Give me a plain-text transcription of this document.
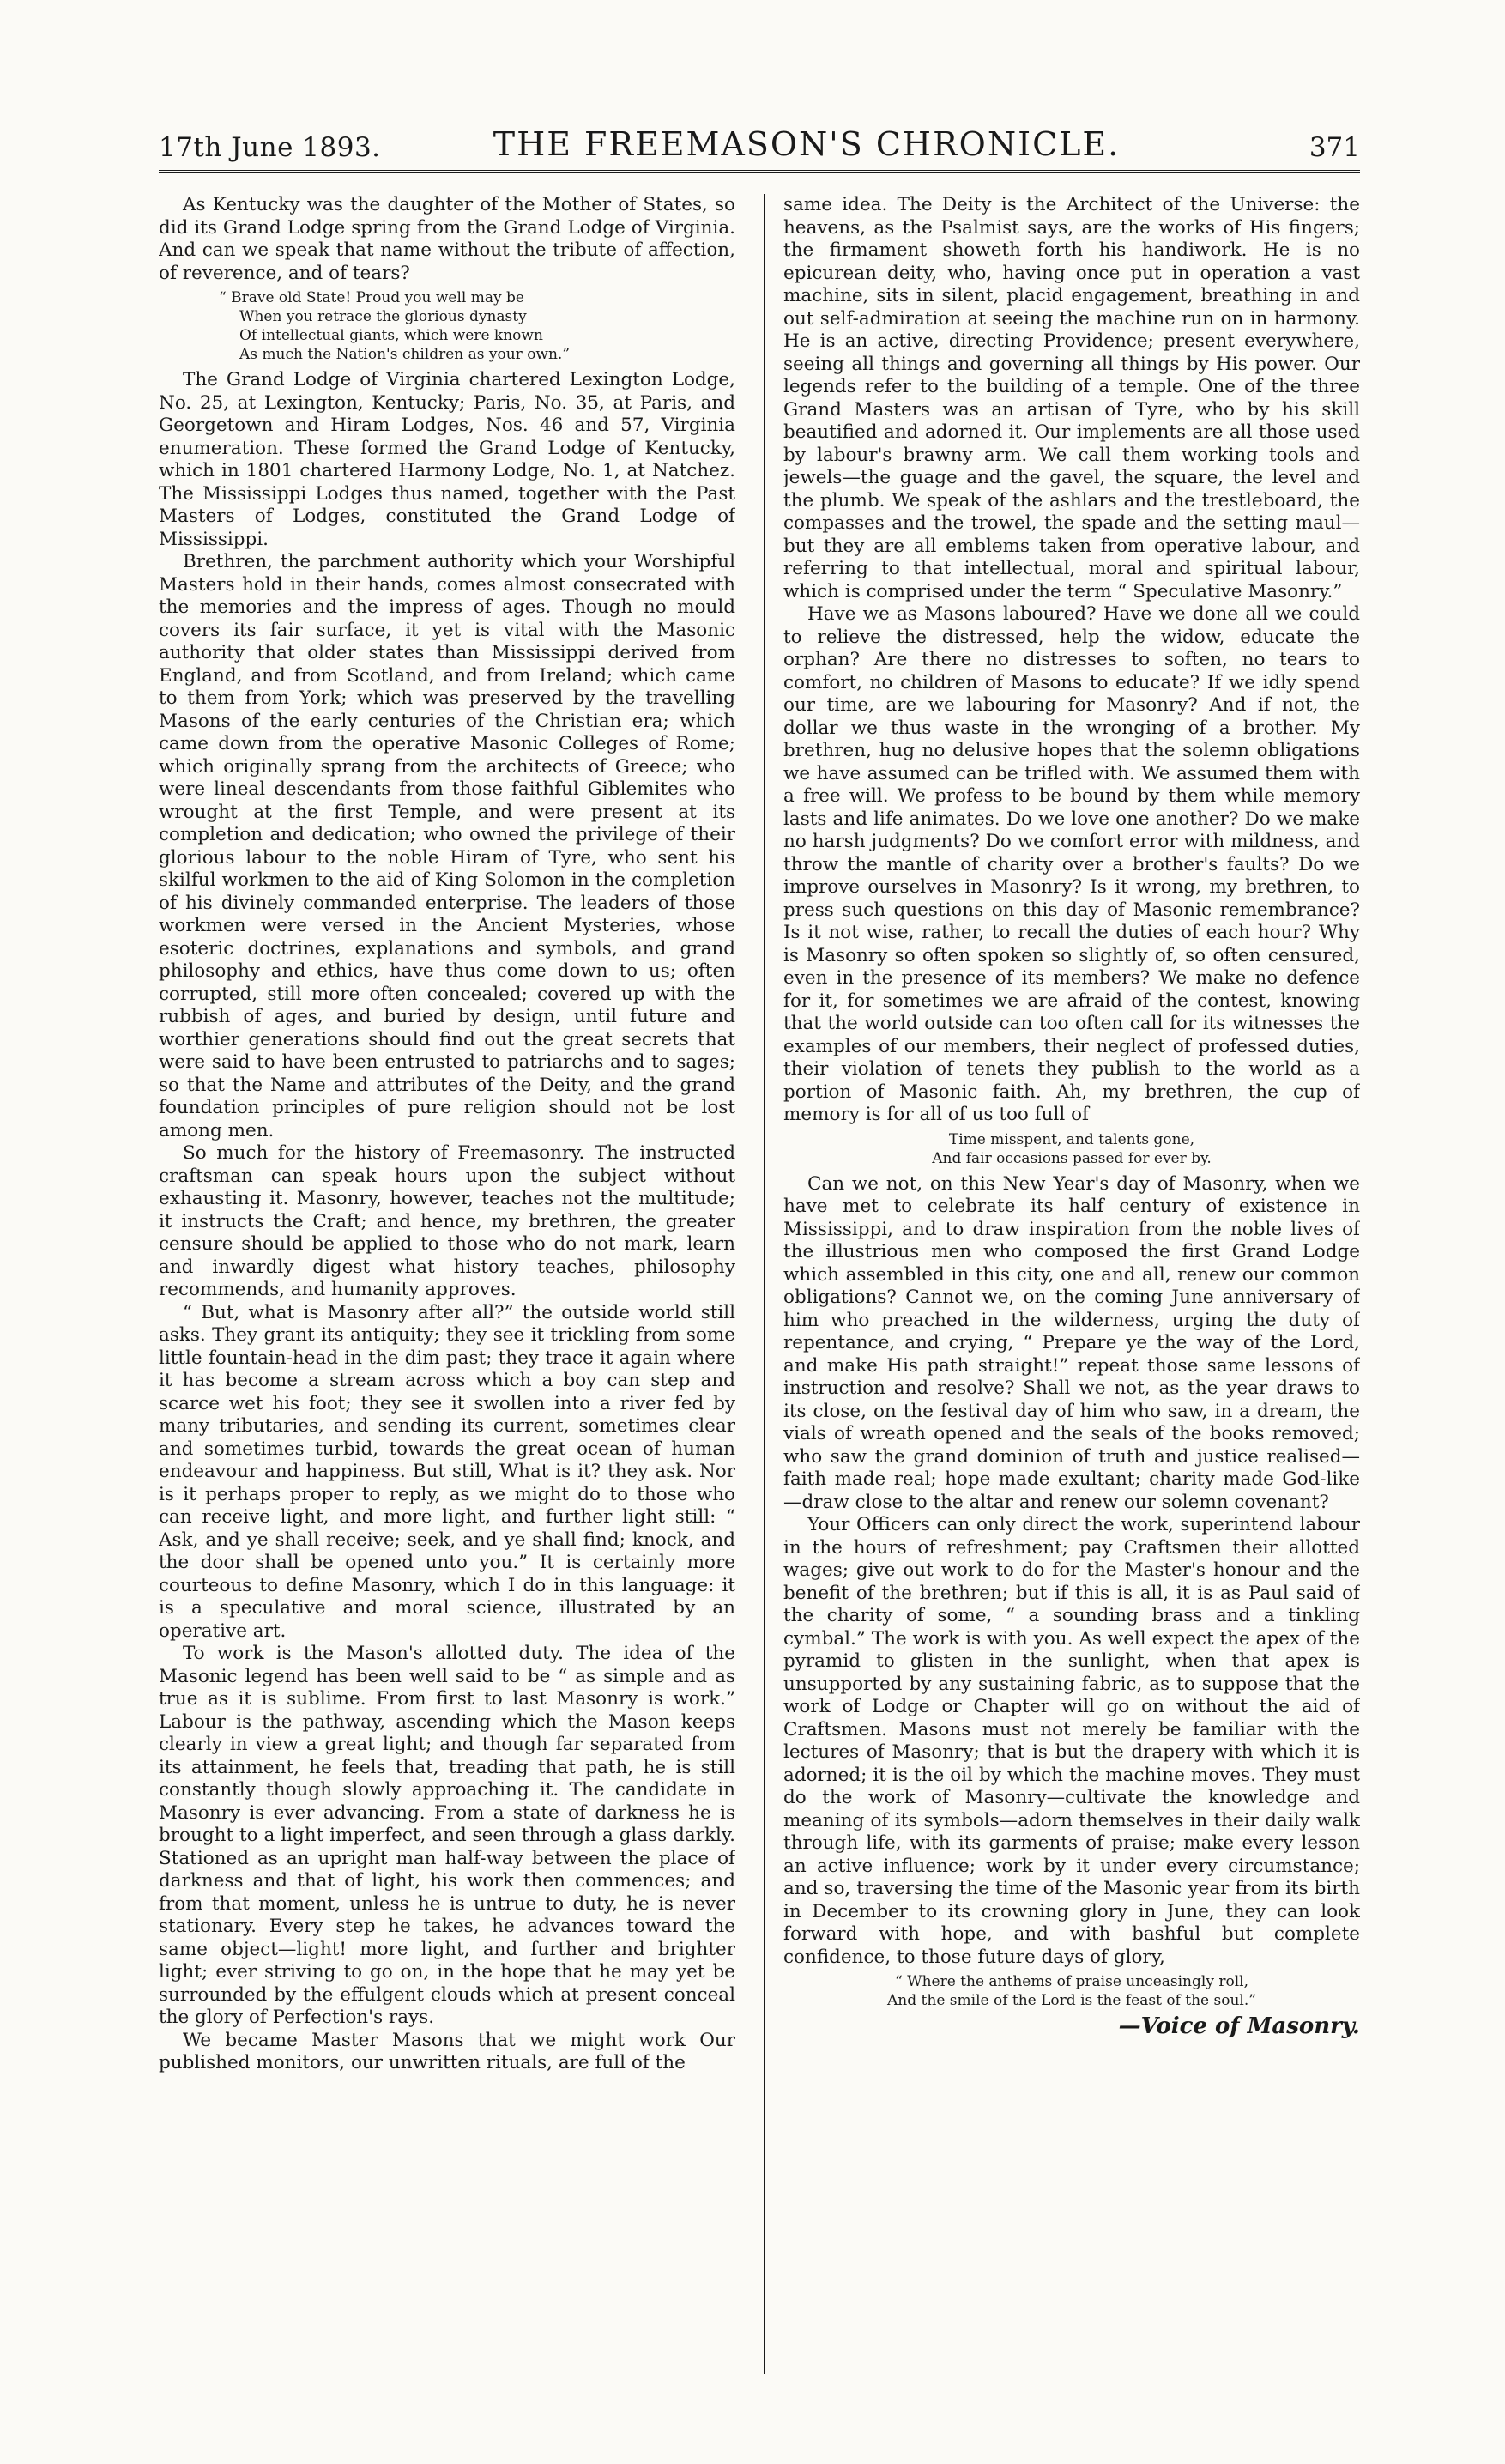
17th June 1893.	THE FREEMASON'S CHRONICLE.	371

As Kentucky was the daughter of the Mother of States, so did its Grand Lodge spring from the Grand Lodge of Virginia. And can we speak that name without the tribute of affection, of reverence, and of tears?

“ Brave old State! Proud you well may be
When you retrace the glorious dynasty
Of intellectual giants, which were known
As much the Nation's children as your own.”

The Grand Lodge of Virginia chartered Lexington Lodge, No. 25, at Lexington, Kentucky; Paris, No. 35, at Paris, and Georgetown and Hiram Lodges, Nos. 46 and 57, Virginia enumeration. These formed the Grand Lodge of Kentucky, which in 1801 chartered Harmony Lodge, No. 1, at Natchez. The Mississippi Lodges thus named, together with the Past Masters of Lodges, constituted the Grand Lodge of Mississippi.

Brethren, the parchment authority which your Worshipful Masters hold in their hands, comes almost consecrated with the memories and the impress of ages. Though no mould covers its fair surface, it yet is vital with the Masonic authority that older states than Mississippi derived from England, and from Scotland, and from Ireland; which came to them from York; which was preserved by the travelling Masons of the early centuries of the Christian era; which came down from the operative Masonic Colleges of Rome; which originally sprang from the architects of Greece; who were lineal descendants from those faithful Giblemites who wrought at the first Temple, and were present at its completion and dedication; who owned the privilege of their glorious labour to the noble Hiram of Tyre, who sent his skilful workmen to the aid of King Solomon in the completion of his divinely commanded enterprise. The leaders of those workmen were versed in the Ancient Mysteries, whose esoteric doctrines, explanations and symbols, and grand philosophy and ethics, have thus come down to us; often corrupted, still more often concealed; covered up with the rubbish of ages, and buried by design, until future and worthier generations should find out the great secrets that were said to have been entrusted to patriarchs and to sages; so that the Name and attributes of the Deity, and the grand foundation principles of pure religion should not be lost among men.

So much for the history of Freemasonry. The instructed craftsman can speak hours upon the subject without exhausting it. Masonry, however, teaches not the multitude; it instructs the Craft; and hence, my brethren, the greater censure should be applied to those who do not mark, learn and inwardly digest what history teaches, philosophy recommends, and humanity approves.

“ But, what is Masonry after all?” the outside world still asks. They grant its antiquity; they see it trickling from some little fountain-head in the dim past; they trace it again where it has become a stream across which a boy can step and scarce wet his foot; they see it swollen into a river fed by many tributaries, and sending its current, sometimes clear and sometimes turbid, towards the great ocean of human endeavour and happiness. But still, What is it? they ask. Nor is it perhaps proper to reply, as we might do to those who can receive light, and more light, and further light still: “ Ask, and ye shall receive; seek, and ye shall find; knock, and the door shall be opened unto you.” It is certainly more courteous to define Masonry, which I do in this language: it is a speculative and moral science, illustrated by an operative art.

To work is the Mason's allotted duty. The idea of the Masonic legend has been well said to be “ as simple and as true as it is sublime. From first to last Masonry is work.” Labour is the pathway, ascending which the Mason keeps clearly in view a great light; and though far separated from its attainment, he feels that, treading that path, he is still constantly though slowly approaching it. The candidate in Masonry is ever advancing. From a state of darkness he is brought to a light imperfect, and seen through a glass darkly. Stationed as an upright man half-way between the place of darkness and that of light, his work then commences; and from that moment, unless he is untrue to duty, he is never stationary. Every step he takes, he advances toward the same object—light! more light, and further and brighter light; ever striving to go on, in the hope that he may yet be surrounded by the effulgent clouds which at present conceal the glory of Perfection's rays.

We became Master Masons that we might work Our published monitors, our unwritten rituals, are full of the

same idea. The Deity is the Architect of the Universe: the heavens, as the Psalmist says, are the works of His fingers; the firmament showeth forth his handiwork. He is no epicurean deity, who, having once put in operation a vast machine, sits in silent, placid engagement, breathing in and out self-admiration at seeing the machine run on in harmony. He is an active, directing Providence; present everywhere, seeing all things and governing all things by His power. Our legends refer to the building of a temple. One of the three Grand Masters was an artisan of Tyre, who by his skill beautified and adorned it. Our implements are all those used by labour's brawny arm. We call them working tools and jewels—the guage and the gavel, the square, the level and the plumb. We speak of the ashlars and the trestleboard, the compasses and the trowel, the spade and the setting maul—but they are all emblems taken from operative labour, and referring to that intellectual, moral and spiritual labour, which is comprised under the term “ Speculative Masonry.”

Have we as Masons laboured? Have we done all we could to relieve the distressed, help the widow, educate the orphan? Are there no distresses to soften, no tears to comfort, no children of Masons to educate? If we idly spend our time, are we labouring for Masonry? And if not, the dollar we thus waste in the wronging of a brother. My brethren, hug no delusive hopes that the solemn obligations we have assumed can be trifled with. We assumed them with a free will. We profess to be bound by them while memory lasts and life animates. Do we love one another? Do we make no harsh judgments? Do we comfort error with mildness, and throw the mantle of charity over a brother's faults? Do we improve ourselves in Masonry? Is it wrong, my brethren, to press such questions on this day of Masonic remembrance? Is it not wise, rather, to recall the duties of each hour? Why is Masonry so often spoken so slightly of, so often censured, even in the presence of its members? We make no defence for it, for sometimes we are afraid of the contest, knowing that the world outside can too often call for its witnesses the examples of our members, their neglect of professed duties, their violation of tenets they publish to the world as a portion of Masonic faith. Ah, my brethren, the cup of memory is for all of us too full of

Time misspent, and talents gone,
And fair occasions passed for ever by.

Can we not, on this New Year's day of Masonry, when we have met to celebrate its half century of existence in Mississippi, and to draw inspiration from the noble lives of the illustrious men who composed the first Grand Lodge which assembled in this city, one and all, renew our common obligations? Cannot we, on the coming June anniversary of him who preached in the wilderness, urging the duty of repentance, and crying, “ Prepare ye the way of the Lord, and make His path straight!” repeat those same lessons of instruction and resolve? Shall we not, as the year draws to its close, on the festival day of him who saw, in a dream, the vials of wreath opened and the seals of the books removed; who saw the grand dominion of truth and justice realised—faith made real; hope made exultant; charity made God-like—draw close to the altar and renew our solemn covenant?

Your Officers can only direct the work, superintend labour in the hours of refreshment; pay Craftsmen their allotted wages; give out work to do for the Master's honour and the benefit of the brethren; but if this is all, it is as Paul said of the charity of some, “ a sounding brass and a tinkling cymbal.” The work is with you. As well expect the apex of the pyramid to glisten in the sunlight, when that apex is unsupported by any sustaining fabric, as to suppose that the work of Lodge or Chapter will go on without the aid of Craftsmen. Masons must not merely be familiar with the lectures of Masonry; that is but the drapery with which it is adorned; it is the oil by which the machine moves. They must do the work of Masonry—cultivate the knowledge and meaning of its symbols—adorn themselves in their daily walk through life, with its garments of praise; make every lesson an active influence; work by it under every circumstance; and so, traversing the time of the Masonic year from its birth in December to its crowning glory in June, they can look forward with hope, and with bashful but complete confidence, to those future days of glory,

“ Where the anthems of praise unceasingly roll,
And the smile of the Lord is the feast of the soul.”
—Voice of Masonry.
